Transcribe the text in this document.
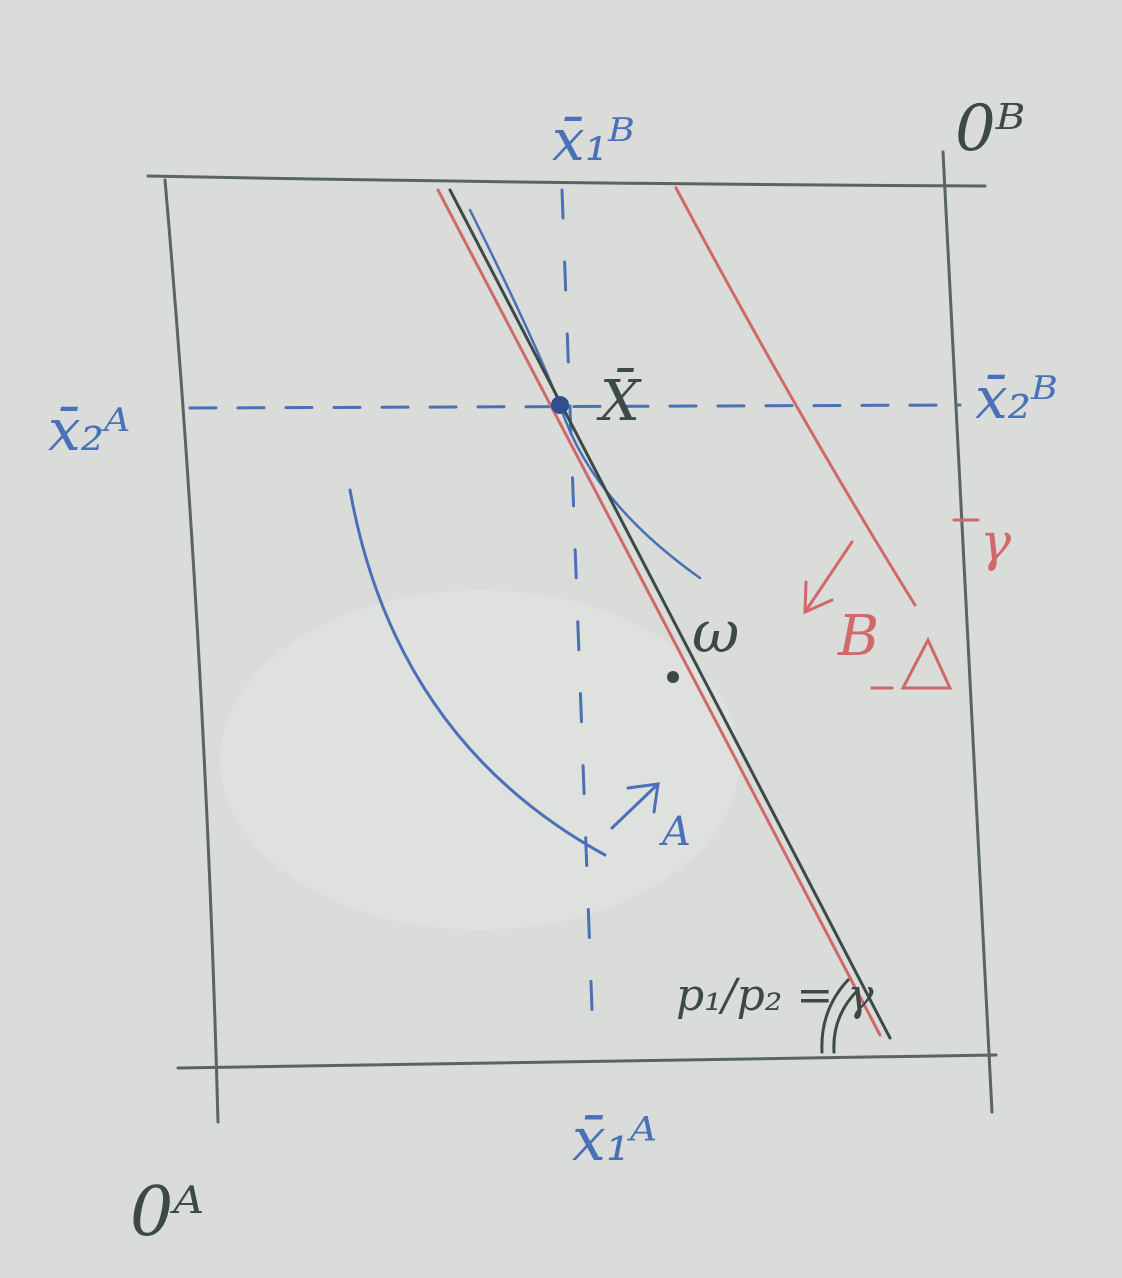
0ᴬ
0ᴮ
x̄₁ᴮ
x̄₂ᴬ	x̄₂ᴮ
x̄₁ᴬ
X̄
ω
A
B
p₁/p₂ = γ
γ
